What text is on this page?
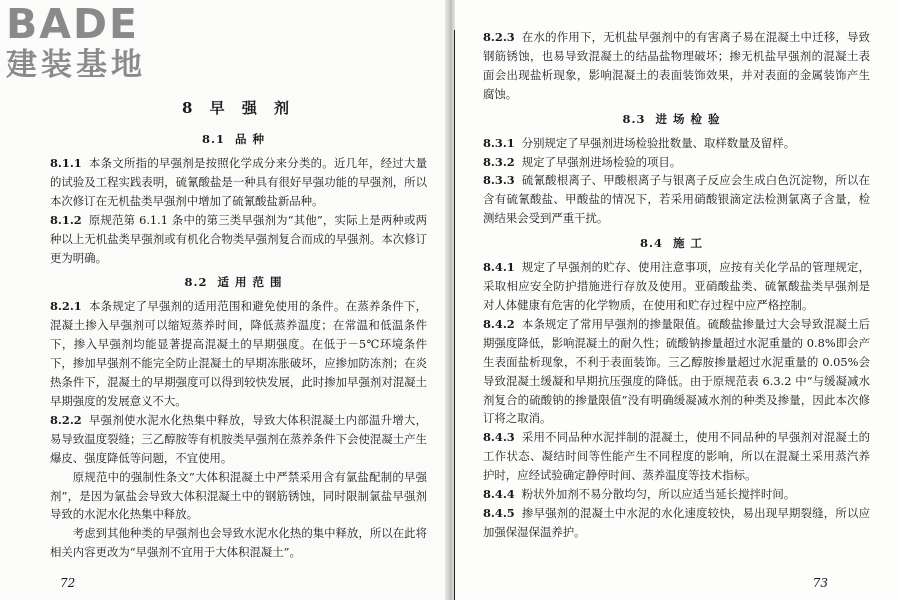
BADE
建装基地
8 早 强 剂
8.1 品 种

8.1.1 本条文所指的早强剂是按照化学成分来分类的。近几年，经过大量的试验及工程实践表明，硫氰酸盐是一种具有很好早强功能的早强剂，所以本次修订在无机盐类早强剂中增加了硫氰酸盐新品种。

8.1.2 原规范第 6.1.1 条中的第三类早强剂为“其他”，实际上是两种或两种以上无机盐类早强剂或有机化合物类早强剂复合而成的早强剂。本次修订更为明确。

8.2 适 用 范 围

8.2.1 本条规定了早强剂的适用范围和避免使用的条件。在蒸养条件下，混凝土掺入早强剂可以缩短蒸养时间，降低蒸养温度；在常温和低温条件下，掺入早强剂均能显著提高混凝土的早期强度。在低于－5℃环境条件下，掺加早强剂不能完全防止混凝土的早期冻胀破坏，应掺加防冻剂；在炎热条件下，混凝土的早期强度可以得到较快发展，此时掺加早强剂对混凝土早期强度的发展意义不大。

8.2.2 早强剂使水泥水化热集中释放，导致大体积混凝土内部温升增大，易导致温度裂缝；三乙醇胺等有机胺类早强剂在蒸养条件下会使混凝土产生爆皮、强度降低等问题，不宜使用。

原规范中的强制性条文“大体积混凝土中严禁采用含有氯盐配制的早强剂”，是因为氯盐会导致大体积混凝土中的钢筋锈蚀，同时限制氯盐早强剂导致的水泥水化热集中释放。

考虑到其他种类的早强剂也会导致水泥水化热的集中释放，所以在此将相关内容更改为“早强剂不宜用于大体积混凝土”。

72

8.2.3 在水的作用下，无机盐早强剂中的有害离子易在混凝土中迁移，导致钢筋锈蚀，也易导致混凝土的结晶盐物理破坏；掺无机盐早强剂的混凝土表面会出现盐析现象，影响混凝土的表面装饰效果，并对表面的金属装饰产生腐蚀。

8.3 进 场 检 验

8.3.1 分别规定了早强剂进场检验批数量、取样数量及留样。

8.3.2 规定了早强剂进场检验的项目。

8.3.3 硫氰酸根离子、甲酸根离子与银离子反应会生成白色沉淀物，所以在含有硫氰酸盐、甲酸盐的情况下，若采用硝酸银滴定法检测氯离子含量，检测结果会受到严重干扰。

8.4 施 工

8.4.1 规定了早强剂的贮存、使用注意事项，应按有关化学品的管理规定，采取相应安全防护措施进行存放及使用。亚硝酸盐类、硫氰酸盐类早强剂是对人体健康有危害的化学物质，在使用和贮存过程中应严格控制。

8.4.2 本条规定了常用早强剂的掺量限值。硫酸盐掺量过大会导致混凝土后期强度降低，影响混凝土的耐久性；硫酸钠掺量超过水泥重量的 0.8%即会产生表面盐析现象，不利于表面装饰。三乙醇胺掺量超过水泥重量的 0.05%会导致混凝土缓凝和早期抗压强度的降低。由于原规范表 6.3.2 中“与缓凝减水剂复合的硫酸钠的掺量限值”没有明确缓凝减水剂的种类及掺量，因此本次修订将之取消。

8.4.3 采用不同品种水泥拌制的混凝土，使用不同品种的早强剂对混凝土的工作状态、凝结时间等性能产生不同程度的影响，所以在混凝土采用蒸汽养护时，应经试验确定静停时间、蒸养温度等技术指标。

8.4.4 粉状外加剂不易分散均匀，所以应适当延长搅拌时间。

8.4.5 掺早强剂的混凝土中水泥的水化速度较快，易出现早期裂缝，所以应加强保湿保温养护。

73
